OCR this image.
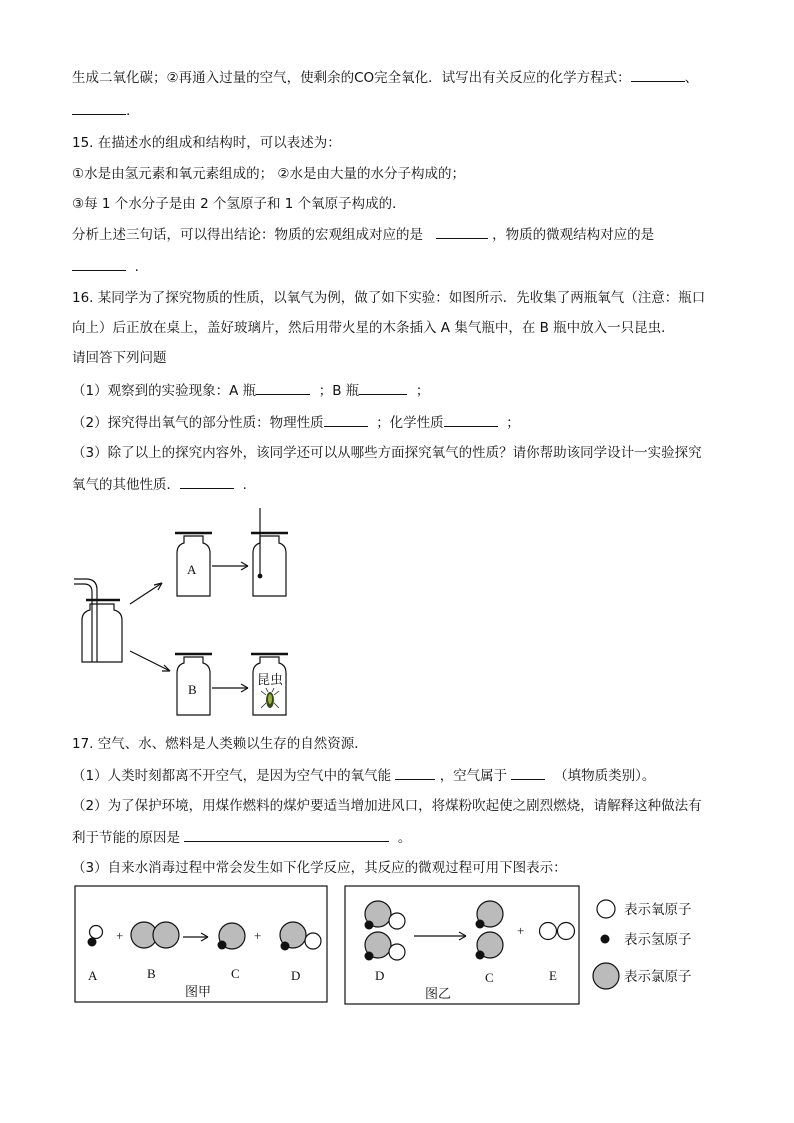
生成二氧化碳；②再通入过量的空气，使剩余的CO完全氧化．试写出有关反应的化学方程式：	、
.
15. 在描述水的组成和结构时，可以表述为：
①水是由氢元素和氧元素组成的； ②水是由大量的水分子构成的；
③每 1 个水分子是由 2 个氢原子和 1 个氧原子构成的．
分析上述三句话，可以得出结论：物质的宏观组成对应的是	，物质的微观结构对应的是
.
16. 某同学为了探究物质的性质，以氧气为例，做了如下实验：如图所示．先收集了两瓶氧气（注意：瓶口
向上）后正放在桌上，盖好玻璃片，然后用带火星的木条插入 A 集气瓶中，在 B 瓶中放入一只昆虫．
请回答下列问题
（1）观察到的实验现象：A 瓶	；B 瓶	；
（2）探究得出氧气的部分性质：物理性质	；化学性质	；
（3）除了以上的探究内容外，该同学还可以从哪些方面探究氧气的性质？请你帮助该同学设计一实验探究
氧气的其他性质．	.
A
B
昆虫
17. 空气、水、燃料是人类赖以生存的自然资源．
（1）人类时刻都离不开空气，是因为空气中的氧气能	，空气属于	（填物质类别）。
（2）为了保护环境，用煤作燃料的煤炉要适当增加进风口，将煤粉吹起使之剧烈燃烧，请解释这种做法有
利于节能的原因是	。
（3）自来水消毒过程中常会发生如下化学反应，其反应的微观过程可用下图表示：
+	+
A	B	C	D
图甲
+
D	C	E
图乙
表示氧原子
表示氢原子
表示氯原子
